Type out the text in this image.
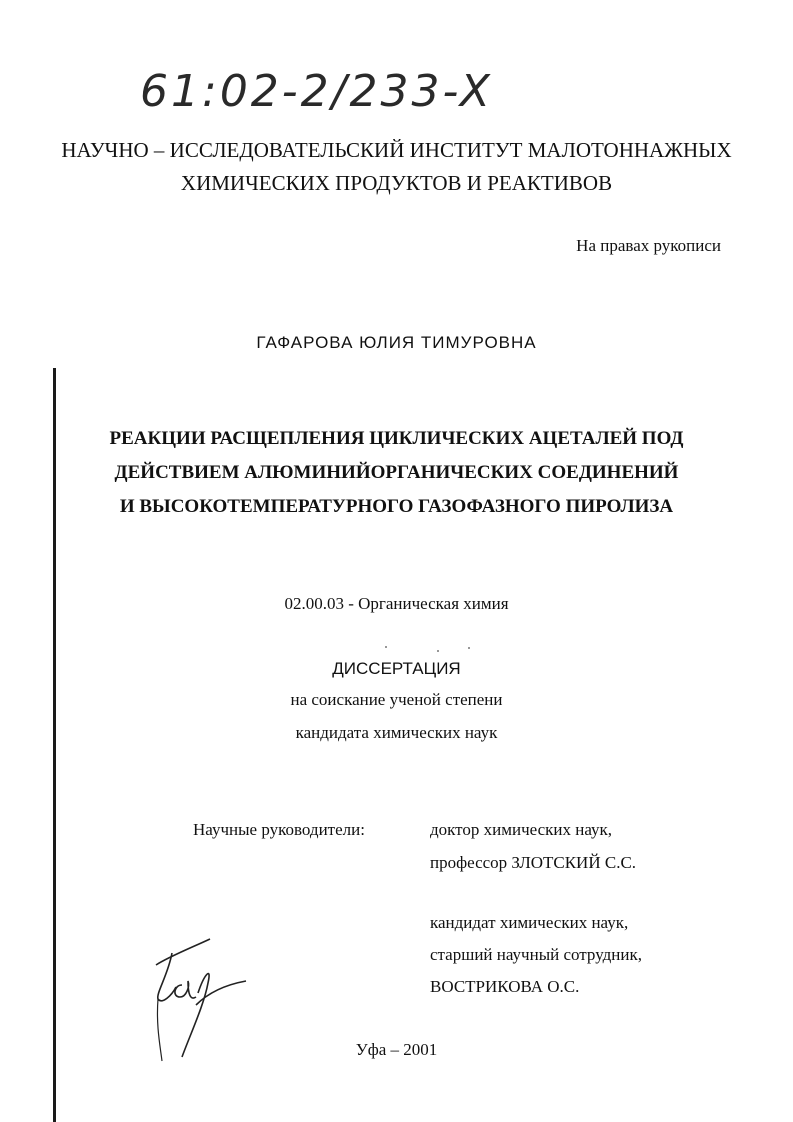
61:02-2/233-X
НАУЧНО – ИССЛЕДОВАТЕЛЬСКИЙ ИНСТИТУТ МАЛОТОННАЖНЫХ
ХИМИЧЕСКИХ ПРОДУКТОВ И РЕАКТИВОВ
На правах рукописи
ГАФАРОВА ЮЛИЯ ТИМУРОВНА
РЕАКЦИИ РАСЩЕПЛЕНИЯ ЦИКЛИЧЕСКИХ АЦЕТАЛЕЙ ПОД
ДЕЙСТВИЕМ АЛЮМИНИЙОРГАНИЧЕСКИХ СОЕДИНЕНИЙ
И ВЫСОКОТЕМПЕРАТУРНОГО ГАЗОФАЗНОГО ПИРОЛИЗА
02.00.03 - Органическая химия
ДИССЕРТАЦИЯ
на соискание ученой степени
кандидата химических наук
Научные руководители:	доктор химических наук,
профессор ЗЛОТСКИЙ С.С.
кандидат химических наук,
старший научный сотрудник,
ВОСТРИКОВА О.С.
Уфа – 2001
